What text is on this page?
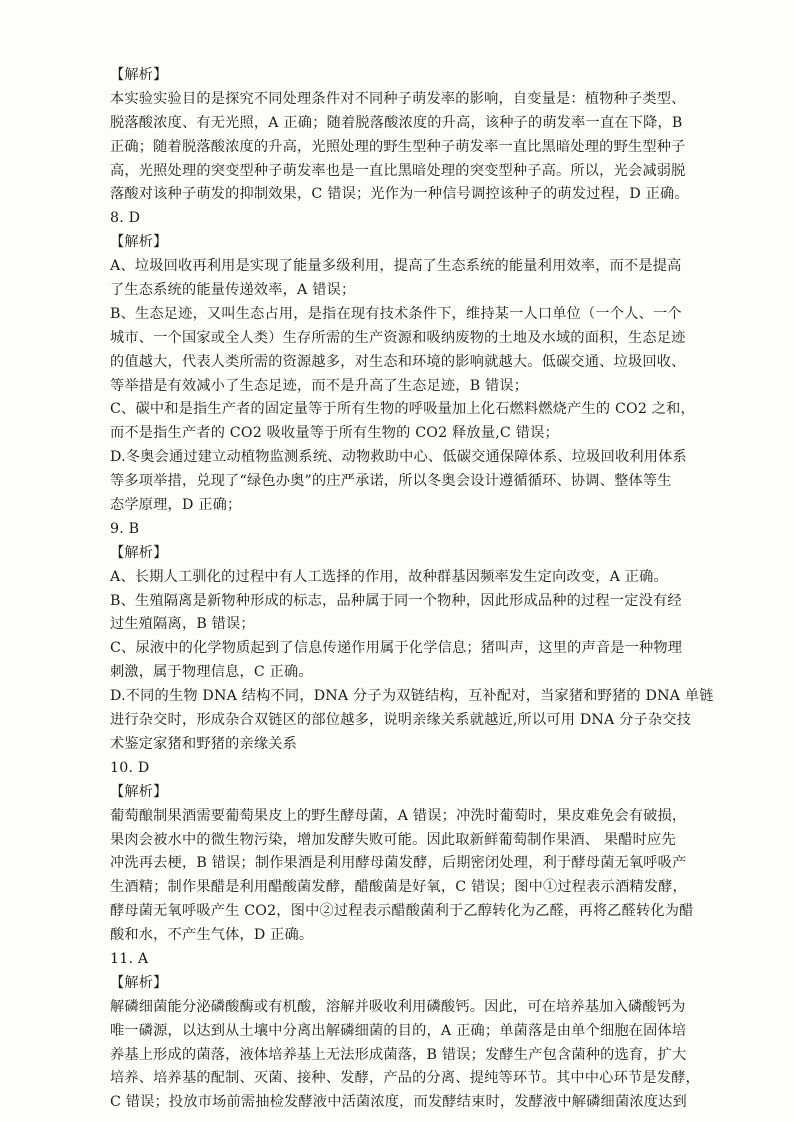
【解析】
本实验实验目的是探究不同处理条件对不同种子萌发率的影响，自变量是：植物种子类型、
脱落酸浓度、有无光照，A 正确；随着脱落酸浓度的升高，该种子的萌发率一直在下降，B
正确；随着脱落酸浓度的升高，光照处理的野生型种子萌发率一直比黑暗处理的野生型种子
高，光照处理的突变型种子萌发率也是一直比黑暗处理的突变型种子高。所以，光会减弱脱
落酸对该种子萌发的抑制效果，C 错误；光作为一种信号调控该种子的萌发过程，D 正确。
8. D
【解析】
A、垃圾回收再利用是实现了能量多级利用，提高了生态系统的能量利用效率，而不是提高
了生态系统的能量传递效率，A 错误；
B、生态足迹，又叫生态占用，是指在现有技术条件下，维持某一人口单位（一个人、一个
城市、一个国家或全人类）生存所需的生产资源和吸纳废物的土地及水域的面积，生态足迹
的值越大，代表人类所需的资源越多，对生态和环境的影响就越大。低碳交通、垃圾回收、
等举措是有效减小了生态足迹，而不是升高了生态足迹，B 错误；
C、碳中和是指生产者的固定量等于所有生物的呼吸量加上化石燃料燃烧产生的 CO2 之和，
而不是指生产者的 CO2 吸收量等于所有生物的 CO2 释放量,C 错误；
D.冬奥会通过建立动植物监测系统、动物救助中心、低碳交通保障体系、垃圾回收利用体系
等多项举措，兑现了“绿色办奥”的庄严承诺，所以冬奥会设计遵循循环、协调、整体等生
态学原理，D 正确；
9. B
【解析】
A、长期人工驯化的过程中有人工选择的作用，故种群基因频率发生定向改变，A 正确。
B、生殖隔离是新物种形成的标志，品种属于同一个物种，因此形成品种的过程一定没有经
过生殖隔离，B 错误；
C、尿液中的化学物质起到了信息传递作用属于化学信息；猪叫声，这里的声音是一种物理
刺激，属于物理信息，C 正确。
D.不同的生物 DNA 结构不同，DNA 分子为双链结构，互补配对，当家猪和野猪的 DNA 单链
进行杂交时，形成杂合双链区的部位越多，说明亲缘关系就越近,所以可用 DNA 分子杂交技
术鉴定家猪和野猪的亲缘关系
10. D
【解析】
葡萄酿制果酒需要葡萄果皮上的野生酵母菌，A 错误；冲洗时葡萄时，果皮难免会有破损，
果肉会被水中的微生物污染，增加发酵失败可能。因此取新鲜葡萄制作果酒、 果醋时应先
冲洗再去梗，B 错误；制作果酒是利用酵母菌发酵，后期密闭处理，利于酵母菌无氧呼吸产
生酒精；制作果醋是利用醋酸菌发酵，醋酸菌是好氧，C 错误；图中①过程表示酒精发酵，
酵母菌无氧呼吸产生 CO2，图中②过程表示醋酸菌利于乙醇转化为乙醛，再将乙醛转化为醋
酸和水，不产生气体，D 正确。
11. A
【解析】
解磷细菌能分泌磷酸酶或有机酸，溶解并吸收利用磷酸钙。因此，可在培养基加入磷酸钙为
唯一磷源，以达到从土壤中分离出解磷细菌的目的，A 正确；单菌落是由单个细胞在固体培
养基上形成的菌落，液体培养基上无法形成菌落，B 错误；发酵生产包含菌种的选育，扩大
培养、培养基的配制、灭菌、接种、发酵，产品的分离、提纯等环节。其中中心环节是发酵，
C 错误；投放市场前需抽检发酵液中活菌浓度，而发酵结束时，发酵液中解磷细菌浓度达到
